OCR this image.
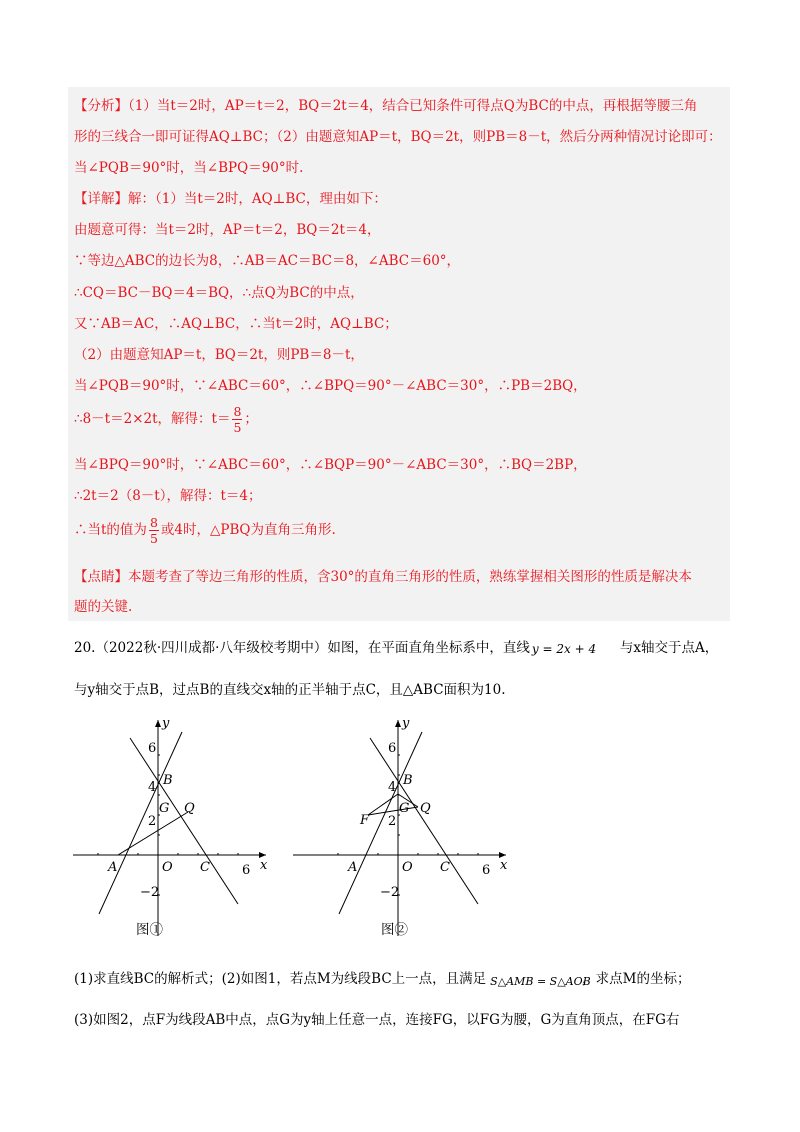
【分析】（1）当t＝2时，AP＝t＝2，BQ＝2t＝4，结合已知条件可得点Q为BC的中点，再根据等腰三角
形的三线合一即可证得AQ⊥BC；（2）由题意知AP＝t，BQ＝2t，则PB＝8－t，然后分两种情况讨论即可：
当∠PQB＝90°时，当∠BPQ＝90°时.
【详解】解：（1）当t＝2时，AQ⊥BC，理由如下：
由题意可得：当t＝2时，AP＝t＝2，BQ＝2t＝4，
∵等边△ABC的边长为8，∴AB＝AC＝BC＝8，∠ABC＝60°，
∴CQ＝BC－BQ＝4＝BQ，∴点Q为BC的中点，
又∵AB＝AC，∴AQ⊥BC，∴当t＝2时，AQ⊥BC；
（2）由题意知AP＝t，BQ＝2t，则PB＝8－t，
当∠PQB＝90°时，∵∠ABC＝60°，∴∠BPQ＝90°－∠ABC＝30°，∴PB＝2BQ，
∴8－t＝2×2t，解得：$t= \frac{8}{5}$ ；
当∠BPQ＝90°时，∵∠ABC＝60°，∴∠BQP＝90°－∠ABC＝30°，∴BQ＝2BP，
∴2t＝2（8－t），解得：t＝4；
∴当t的值为 $\frac{8}{5}$ 或4时，△PBQ为直角三角形.
【点睛】本题考查了等边三角形的性质，含30°的直角三角形的性质，熟练掌握相关图形的性质是解决本
题的关键.
20.（2022秋·四川成都·八年级校考期中）如图，在平面直角坐标系中，直线 y = 2x + 4 与x轴交于点A，
与y轴交于点B，过点B的直线交x轴的正半轴于点C，且△ABC面积为10.
y
x
O
A
B
C
G Q
6
4
2
−2
6
图①
y
x
O
A
B
C
G Q
F
6
4
2
−2
6
图②
(1)求直线BC的解析式；(2)如图1，若点M为线段BC上一点，且满足 S△AMB = S△AOB
，求点M的坐标；
(3)如图2，点F为线段AB中点，点G为y轴上任意一点，连接FG，以FG为腰，G为直角顶点，在FG右
